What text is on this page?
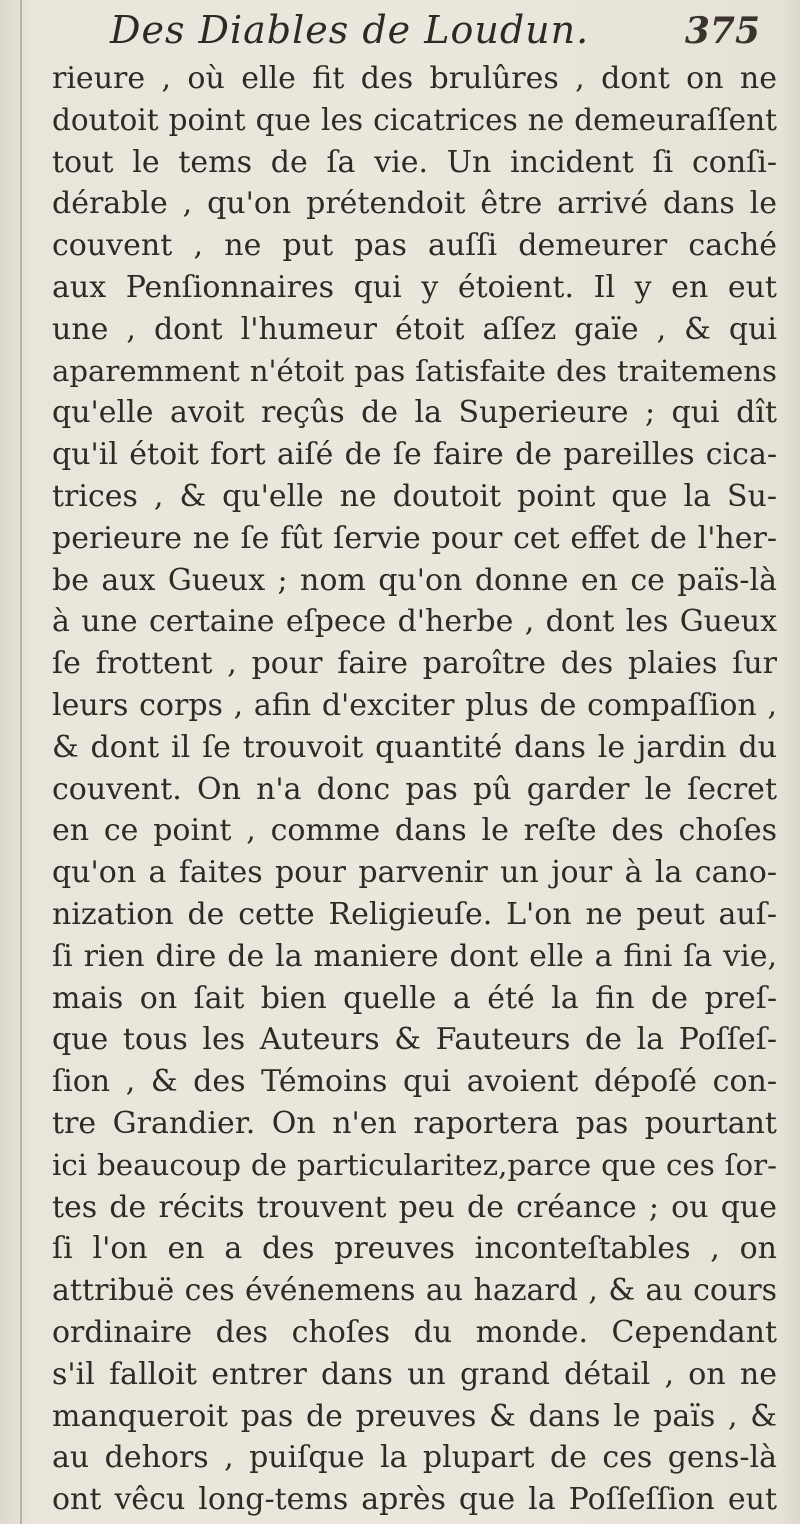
Des Diables de Loudun.	375
rieure , où elle fit des brulûres , dont on ne
doutoit point que les cicatrices ne demeuraſſent
tout le tems de ſa vie. Un incident ſi conſi-
dérable , qu'on prétendoit être arrivé dans le
couvent , ne put pas auſſi demeurer caché
aux Penſionnaires qui y étoient. Il y en eut
une , dont l'humeur étoit aſſez gaïe , & qui
aparemment n'étoit pas ſatisfaite des traitemens
qu'elle avoit reçûs de la Superieure ; qui dît
qu'il étoit fort aiſé de ſe faire de pareilles cica-
trices , & qu'elle ne doutoit point que la Su-
perieure ne ſe fût ſervie pour cet effet de l'her-
be aux Gueux ; nom qu'on donne en ce païs-là
à une certaine eſpece d'herbe , dont les Gueux
ſe frottent , pour faire paroître des plaies ſur
leurs corps , afin d'exciter plus de compaſſion ,
& dont il ſe trouvoit quantité dans le jardin du
couvent. On n'a donc pas pû garder le ſecret
en ce point , comme dans le reſte des choſes
qu'on a faites pour parvenir un jour à la cano-
nization de cette Religieuſe. L'on ne peut auſ-
ſi rien dire de la maniere dont elle a fini ſa vie,
mais on ſait bien quelle a été la fin de preſ-
que tous les Auteurs & Fauteurs de la Poſſeſ-
ſion , & des Témoins qui avoient dépoſé con-
tre Grandier. On n'en raportera pas pourtant
ici beaucoup de particularitez,parce que ces ſor-
tes de récits trouvent peu de créance ; ou que
ſi l'on en a des preuves inconteſtables , on
attribuë ces événemens au hazard , & au cours
ordinaire des choſes du monde. Cependant
s'il falloit entrer dans un grand détail , on ne
manqueroit pas de preuves & dans le païs , &
au dehors , puiſque la plupart de ces gens-là
ont vêcu long-tems après que la Poſſeſſion eut
